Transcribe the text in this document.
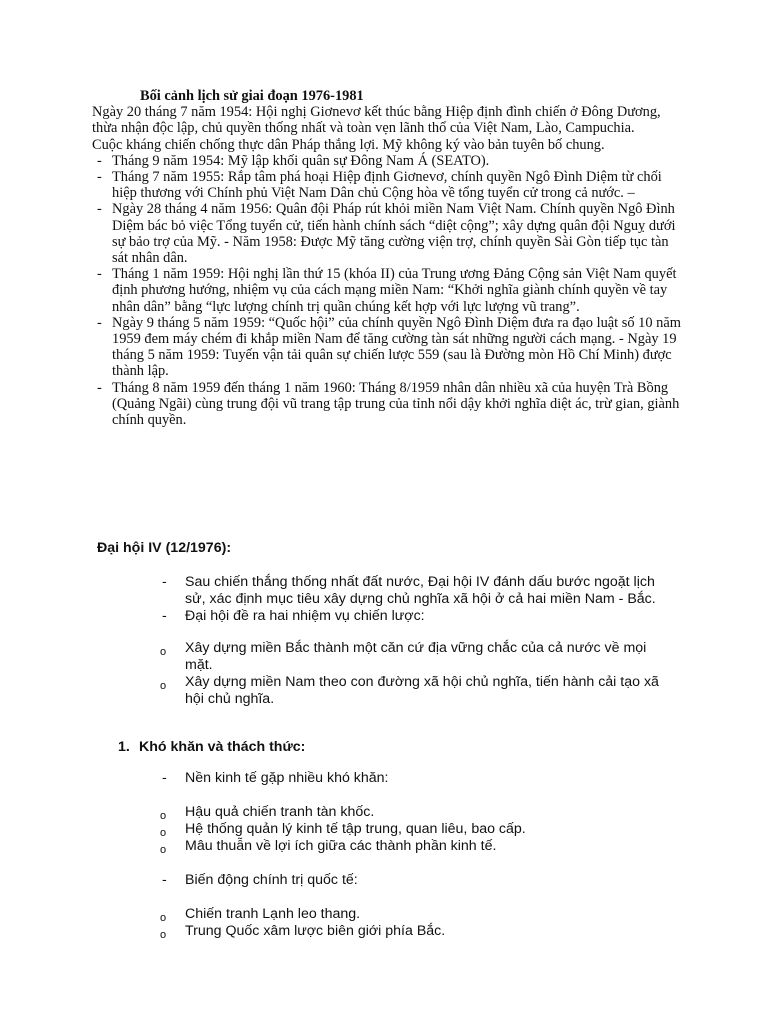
Bối cảnh lịch sử giai đoạn 1976-1981

Ngày 20 tháng 7 năm 1954: Hội nghị Giơnevơ kết thúc bằng Hiệp định đình chiến ở Đông Dương, thừa nhận độc lập, chủ quyền thống nhất và toàn vẹn lãnh thổ của Việt Nam, Lào, Campuchia.

Cuộc kháng chiến chống thực dân Pháp thắng lợi. Mỹ không ký vào bản tuyên bố chung.

- Tháng 9 năm 1954: Mỹ lập khối quân sự Đông Nam Á (SEATO).
- Tháng 7 năm 1955: Rắp tâm phá hoại Hiệp định Giơnevơ, chính quyền Ngô Đình Diệm từ chối hiệp thương với Chính phủ Việt Nam Dân chủ Cộng hòa về tổng tuyển cử trong cả nước. –
- Ngày 28 tháng 4 năm 1956: Quân đội Pháp rút khỏi miền Nam Việt Nam. Chính quyền Ngô Đình Diệm bác bỏ việc Tổng tuyển cử, tiến hành chính sách “diệt cộng”; xây dựng quân đội Nguỵ dưới sự bảo trợ của Mỹ. - Năm 1958: Được Mỹ tăng cường viện trợ, chính quyền Sài Gòn tiếp tục tàn sát nhân dân.
- Tháng 1 năm 1959: Hội nghị lần thứ 15 (khóa II) của Trung ương Đảng Cộng sản Việt Nam quyết định phương hướng, nhiệm vụ của cách mạng miền Nam: “Khởi nghĩa giành chính quyền về tay nhân dân” bằng “lực lượng chính trị quần chúng kết hợp với lực lượng vũ trang”.
- Ngày 9 tháng 5 năm 1959: “Quốc hội” của chính quyền Ngô Đình Diệm đưa ra đạo luật số 10 năm 1959 đem máy chém đi khắp miền Nam để tăng cường tàn sát những người cách mạng. - Ngày 19 tháng 5 năm 1959: Tuyến vận tải quân sự chiến lược 559 (sau là Đường mòn Hồ Chí Minh) được thành lập.
- Tháng 8 năm 1959 đến tháng 1 năm 1960: Tháng 8/1959 nhân dân nhiều xã của huyện Trà Bồng (Quảng Ngãi) cùng trung đội vũ trang tập trung của tỉnh nổi dậy khởi nghĩa diệt ác, trừ gian, giành chính quyền.
Đại hội IV (12/1976):

- Sau chiến thắng thống nhất đất nước, Đại hội IV đánh dấu bước ngoặt lịch sử, xác định mục tiêu xây dựng chủ nghĩa xã hội ở cả hai miền Nam - Bắc.

- Đại hội đề ra hai nhiệm vụ chiến lược:

o Xây dựng miền Bắc thành một căn cứ địa vững chắc của cả nước về mọi mặt.

o Xây dựng miền Nam theo con đường xã hội chủ nghĩa, tiến hành cải tạo xã hội chủ nghĩa.

1. Khó khăn và thách thức:

- Nền kinh tế gặp nhiều khó khăn:

o Hậu quả chiến tranh tàn khốc.

o Hệ thống quản lý kinh tế tập trung, quan liêu, bao cấp.

o Mâu thuẫn về lợi ích giữa các thành phần kinh tế.

- Biến động chính trị quốc tế:

o Chiến tranh Lạnh leo thang.

o Trung Quốc xâm lược biên giới phía Bắc.
